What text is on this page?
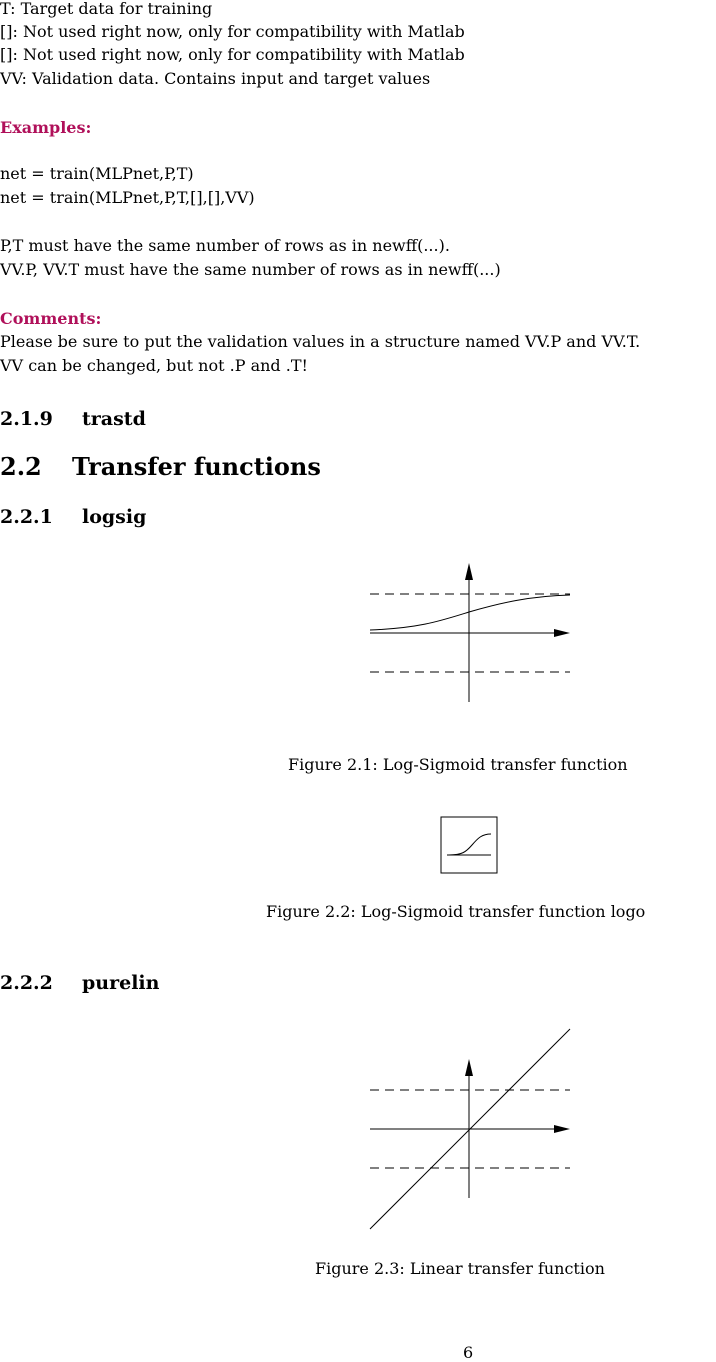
T: Target data for training
[]: Not used right now, only for compatibility with Matlab
[]: Not used right now, only for compatibility with Matlab
VV: Validation data. Contains input and target values
Examples:
net = train(MLPnet,P,T)
net = train(MLPnet,P,T,[],[],VV)
P,T must have the same number of rows as in newff(...).
VV.P, VV.T must have the same number of rows as in newff(...)
Comments:
Please be sure to put the validation values in a structure named VV.P and VV.T.
VV can be changed, but not .P and .T!
2.1.9 trastd
2.2 Transfer functions
2.2.1 logsig
Figure 2.1: Log-Sigmoid transfer function
Figure 2.2: Log-Sigmoid transfer function logo
2.2.2 purelin
Figure 2.3: Linear transfer function
6
